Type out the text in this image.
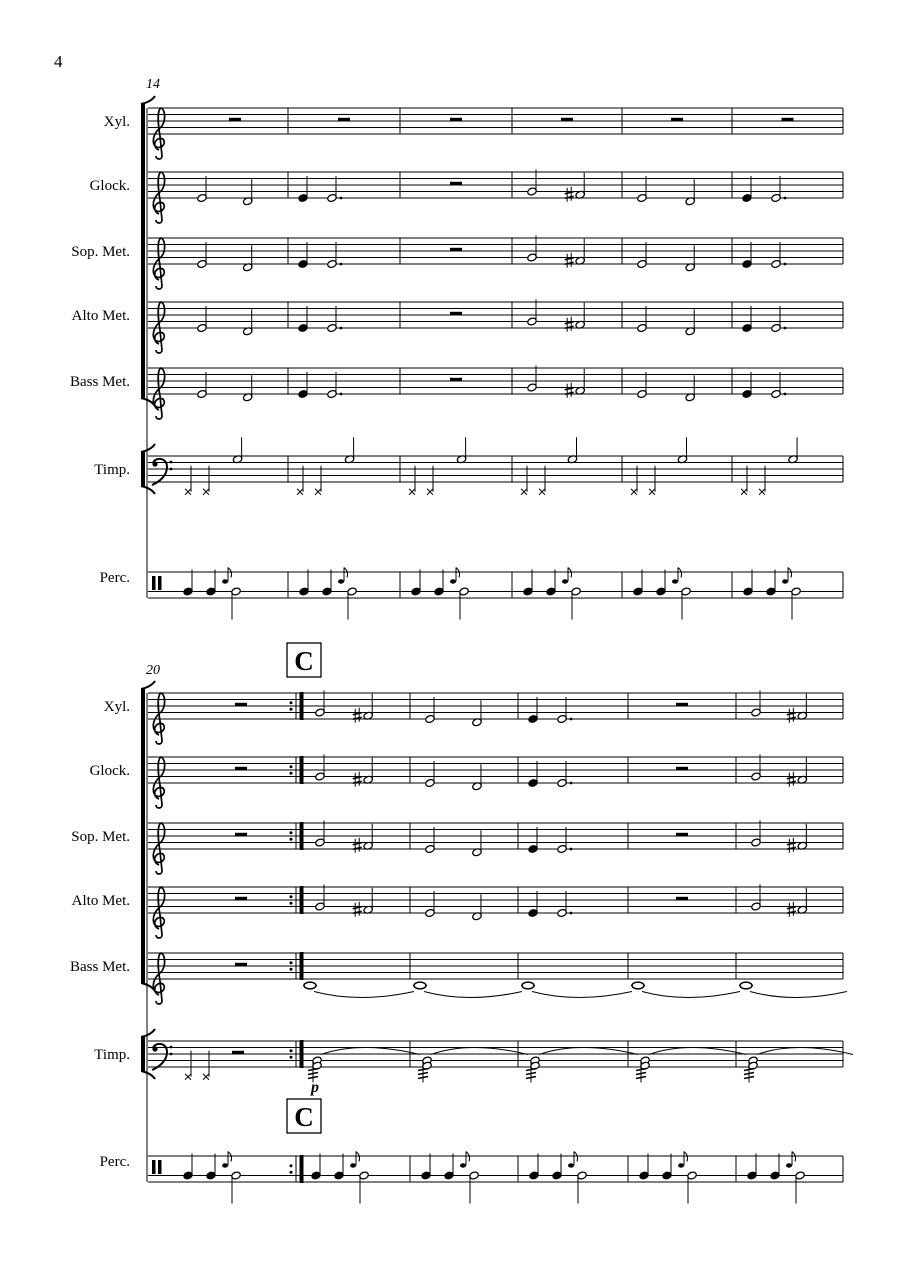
4
14
Xyl.
Glock.
Sop. Met.
Alto Met.
Bass Met.
Timp.
Perc.
20
Xyl.
Glock.
Sop. Met.
Alto Met.
Bass Met.
Timp.
Perc.
C
C
p
